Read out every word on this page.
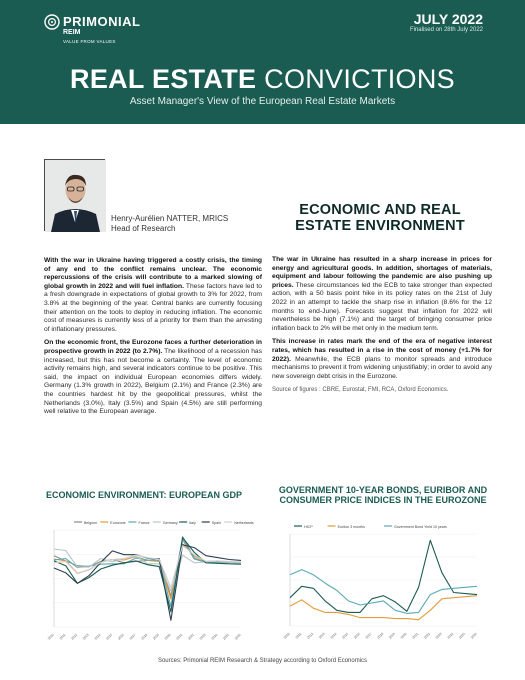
PRIMONIAL
REIM
VALUE FROM VALUES
JULY 2022
Finalised on 28th July 2022
REAL ESTATE CONVICTIONS
Asset Manager's View of the European Real Estate Markets
Henry-Aurélien NATTER, MRICS
Head of Research
ECONOMIC AND REAL ESTATE ENVIRONMENT

With the war in Ukraine having triggered a costly crisis, the timing of any end to the conflict remains unclear. The economic repercussions of the crisis will contribute to a marked slowing of global growth in 2022 and will fuel inflation. These factors have led to a fresh downgrade in expectations of global growth to 3% for 2022, from 3.8% at the beginning of the year. Central banks are currently focusing their attention on the tools to deploy in reducing inflation. The economic cost of measures is currently less of a priority for them than the arresting of inflationary pressures.

On the economic front, the Eurozone faces a further deterioration in prospective growth in 2022 (to 2.7%). The likelihood of a recession has increased, but this has not become a certainty. The level of economic activity remains high, and several indicators continue to be positive. This said, the impact on individual European economies differs widely. Germany (1.3% growth in 2022), Belgium (2.1%) and France (2.3%) are the countries hardest hit by the geopolitical pressures, whilst the Netherlands (3.0%), Italy (3.5%) and Spain (4.5%) are still performing well relative to the European average.

The war in Ukraine has resulted in a sharp increase in prices for energy and agricultural goods. In addition, shortages of materials, equipment and labour following the pandemic are also pushing up prices. These circumstances led the ECB to take stronger than expected action, with a 50 basis point hike in its policy rates on the 21st of July 2022 in an attempt to tackle the sharp rise in inflation (8.6% for the 12 months to end-June). Forecasts suggest that inflation for 2022 will nevertheless be high (7.1%) and the target of bringing consumer price inflation back to 2% will be met only in the medium term.

This increase in rates mark the end of the era of negative interest rates, which has resulted in a rise in the cost of money (+1.7% for 2022). Meanwhile, the ECB plans to monitor spreads and introduce mechanisms to prevent it from widening unjustifiably; in order to avoid any new sovereign debt crisis in the Eurozone.

Source of figures : CBRE, Eurostat, FMI, RCA, Oxford Economics.

ECONOMIC ENVIRONMENT: EUROPEAN GDP
Belgium	Eurozone	France	Germany	Italy	Spain	Netherlands
2010 2011 2012 2013 2014 2015 2016 2017 2018 2019 2020 2021 2022 2023 2024 2025 2026
GOVERNMENT 10-YEAR BONDS, EURIBOR AND CONSUMER PRICE INDICES IN THE EUROZONE
HICP	Euribor 3 months	Government Bond Yield 10 years
2010 2011 2012 2013 2014 2015 2016 2017 2018 2019 2020 2021 2022 2023 2024 2025 2026
Sources: Primonial REIM Research & Strategy according to Oxford Economics
